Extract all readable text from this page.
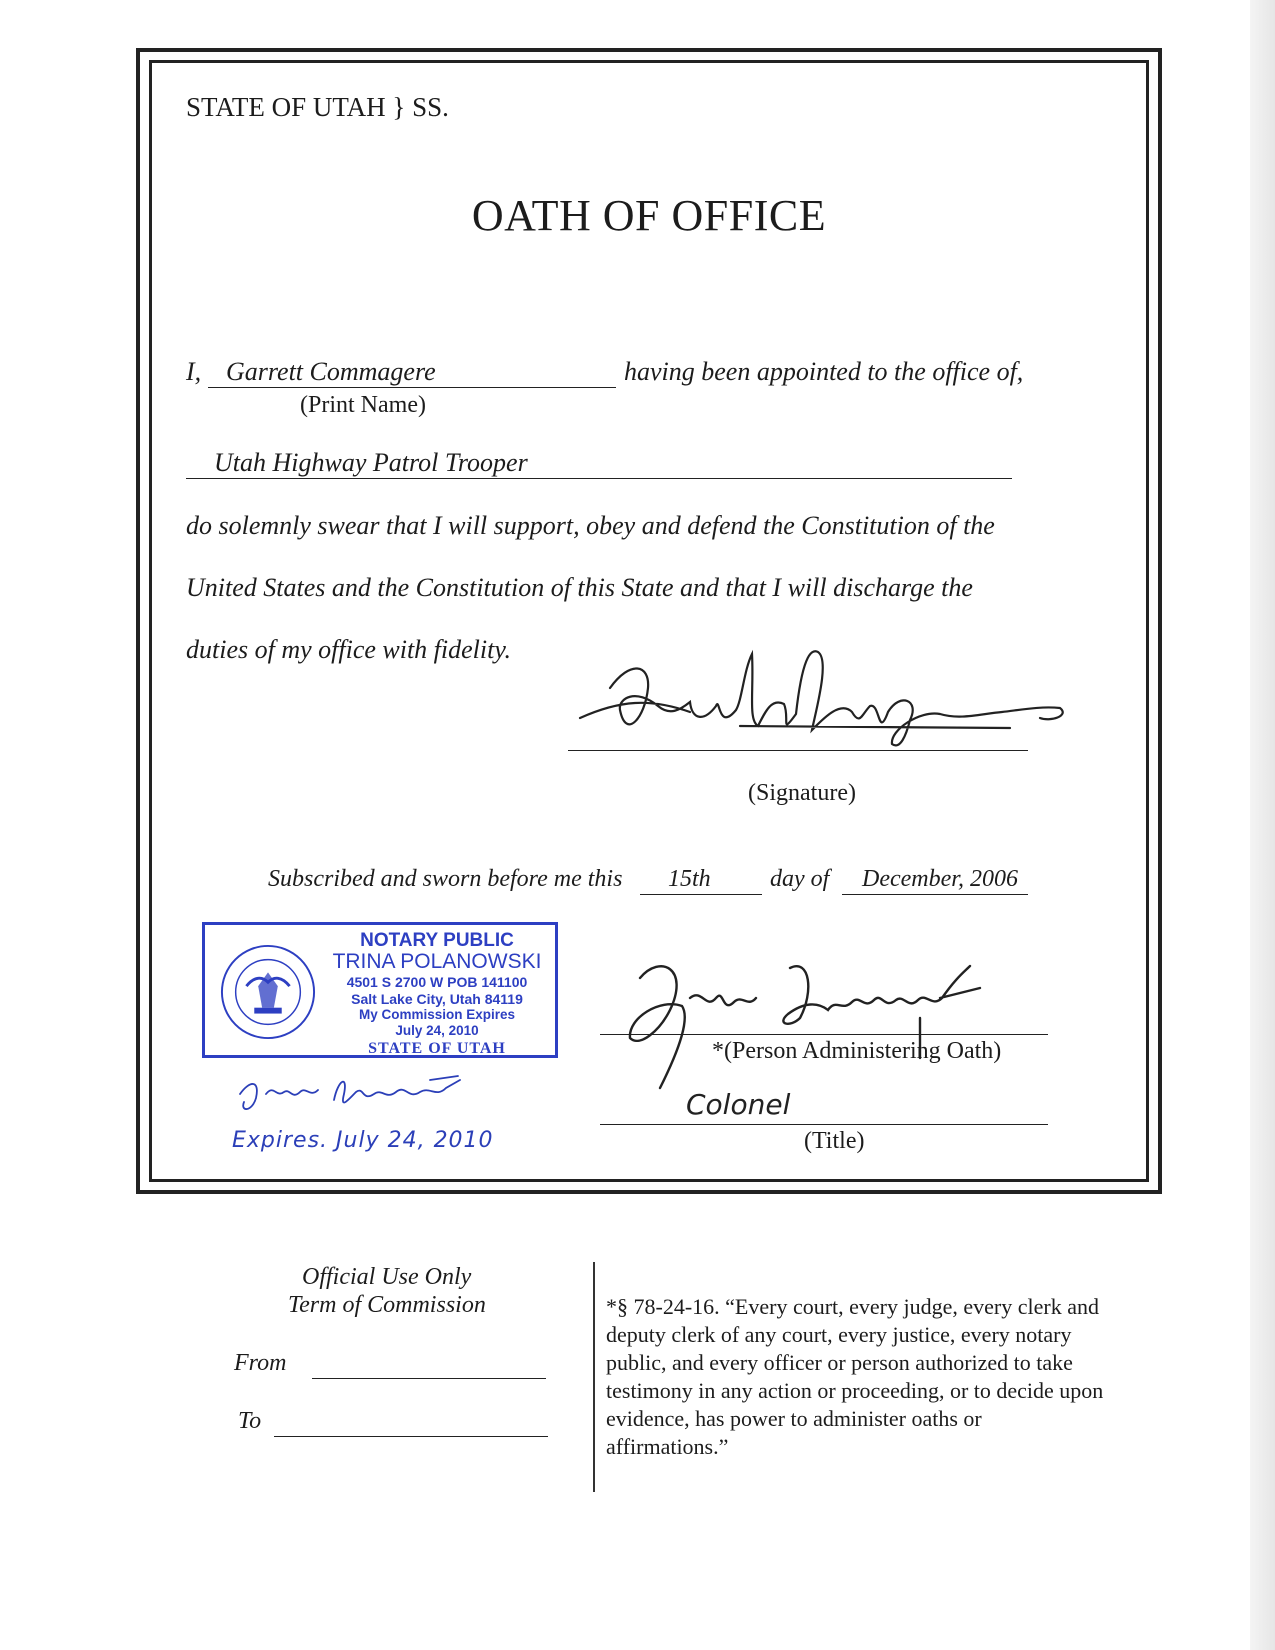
STATE OF UTAH } SS.
OATH OF OFFICE
I, Garrett Commagere	having been appointed to the office of,
(Print Name)
Utah Highway Patrol Trooper
do solemnly swear that I will support, obey and defend the Constitution of the
United States and the Constitution of this State and that I will discharge the
duties of my office with fidelity.
(Signature)
Subscribed and sworn before me this 15th day of December, 2006
NOTARY PUBLIC
TRINA POLANOWSKI
4501 S 2700 W POB 141100
Salt Lake City, Utah 84119
My Commission Expires
July 24, 2010
STATE OF UTAH
Expires. July 24, 2010
*(Person Administering Oath)
Colonel
(Title)
Official Use Only
Term of Commission
From
To
*§ 78-24-16. “Every court, every judge, every clerk and deputy clerk of any court, every justice, every notary public, and every officer or person authorized to take testimony in any action or proceeding, or to decide upon evidence, has power to administer oaths or affirmations.”
